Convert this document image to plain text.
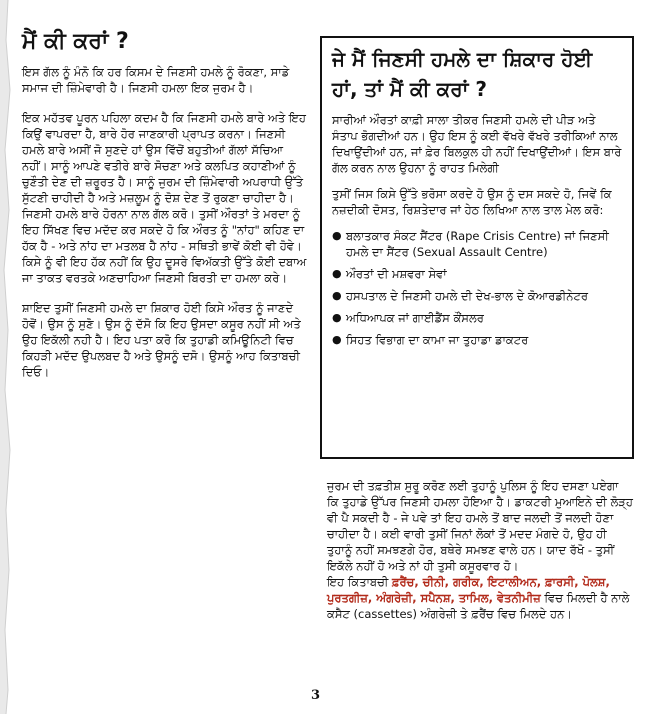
ਮੈਂ ਕੀ ਕਰਾਂ ?

ਇਸ ਗੱਲ ਨੂੰ ਮੰਨੋ ਕਿ ਹਰ ਕਿਸਮ ਦੇ ਜਿਣਸੀ ਹਮਲੇ ਨੂੰ ਰੋਕਣਾ, ਸਾਡੇ ਸਮਾਜ ਦੀ ਜ਼ਿੰਮੇਵਾਰੀ ਹੈ। ਜਿਣਸੀ ਹਮਲਾ ਇਕ ਜੁਰਮ ਹੈ।

ਇਕ ਮਹੱਤਵ ਪੂਰਨ ਪਹਿਲਾ ਕਦਮ ਹੈ ਕਿ ਜਿਣਸੀ ਹਮਲੇ ਬਾਰੇ ਅਤੇ ਇਹ ਕਿਉਂ ਵਾਪਰਦਾ ਹੈ, ਬਾਰੇ ਹੋਰ ਜਾਣਕਾਰੀ ਪ੍ਰਾਪਤ ਕਰਨਾ। ਜਿਣਸੀ ਹਮਲੇ ਬਾਰੇ ਅਸੀਂ ਜੋ ਸੁਣਦੇ ਹਾਂ ਉਸ ਵਿੱਚੋਂ ਬਹੁਤੀਆਂ ਗੱਲਾਂ ਸੱਚਿਆ ਨਹੀਂ। ਸਾਨੂੰ ਆਪਣੇ ਵਤੀਰੇ ਬਾਰੇ ਸੋਚਣਾ ਅਤੇ ਕਲਪਿਤ ਕਹਾਣੀਆਂ ਨੂੰ ਚੁਣੌਤੀ ਦੇਣ ਦੀ ਜ਼ਰੂਰਤ ਹੈ। ਸਾਨੂੰ ਜੁਰਮ ਦੀ ਜ਼ਿੰਮੇਵਾਰੀ ਅਪਰਾਧੀ ਉੱਤੇ ਸੁੱਟਣੀ ਚਾਹੀਦੀ ਹੈ ਅਤੇ ਮਜ਼ਲੂਮ ਨੂੰ ਦੋਸ਼ ਦੇਣ ਤੋਂ ਰੁਕਣਾ ਚਾਹੀਦਾ ਹੈ। ਜਿਣਸੀ ਹਮਲੇ ਬਾਰੇ ਹੋਰਨਾ ਨਾਲ ਗੱਲ ਕਰੋ। ਤੁਸੀਂ ਔਰਤਾਂ ਤੇ ਮਰਦਾ ਨੂੰ ਇਹ ਸਿੱਖਣ ਵਿਚ ਮਦੱਦ ਕਰ ਸਕਦੇ ਹੋ ਕਿ ਔਰਤ ਨੂੰ "ਨਾਂਹ" ਕਹਿਣ ਦਾ ਹੱਕ ਹੈ - ਅਤੇ ਨਾਂਹ ਦਾ ਮਤਲਬ ਹੈ ਨਾਂਹ - ਸਥਿਤੀ ਭਾਵੇਂ ਕੋਈ ਵੀ ਹੋਵੇ। ਕਿਸੇ ਨੂੰ ਵੀ ਇਹ ਹੱਕ ਨਹੀਂ ਕਿ ਉਹ ਦੂਸਰੇ ਵਿਅੱਕਤੀ ਉੱਤੇ ਕੋਈ ਦਬਾਅ ਜਾ ਤਾਕਤ ਵਰਤਕੇ ਅਣਚਾਹਿਆ ਜਿਣਸੀ ਬਿਰਤੀ ਦਾ ਹਮਲਾ ਕਰੇ।

ਸ਼ਾਇਦ ਤੁਸੀਂ ਜਿਣਸੀ ਹਮਲੇ ਦਾ ਸ਼ਿਕਾਰ ਹੋਈ ਕਿਸੇ ਔਰਤ ਨੂੰ ਜਾਣਦੇ ਹੋਵੋਂ। ਉਸ ਨੂੰ ਸੁਣੋ। ਉਸ ਨੂੰ ਦੱਸੋ ਕਿ ਇਹ ਉਸਦਾ ਕਸੂਰ ਨਹੀਂ ਸੀ ਅਤੇ ਉਹ ਇਕੱਲੀ ਨਹੀ ਹੈ। ਇਹ ਪਤਾ ਕਰੋ ਕਿ ਤੁਹਾਡੀ ਕਮਿਊਨਿਟੀ ਵਿਚ ਕਿਹੜੀ ਮਦੱਦ ਉਪਲਬਦ ਹੈ ਅਤੇ ਉਸਨੂੰ ਦਸੋ। ਉਸਨੂੰ ਆਹ ਕਿਤਾਬਚੀ ਦਿਓ।

ਜੇ ਮੈਂ ਜਿਣਸੀ ਹਮਲੇ ਦਾ ਸ਼ਿਕਾਰ ਹੋਈ ਹਾਂ, ਤਾਂ ਮੈਂ ਕੀ ਕਰਾਂ ?

ਸਾਰੀਆਂ ਔਰਤਾਂ ਕਾਫ਼ੀ ਸਾਲਾ ਤੀਕਰ ਜਿਣਸੀ ਹਮਲੇ ਦੀ ਪੀੜ ਅਤੇ ਸੰਤਾਪ ਭੋਗਦੀਆਂ ਹਨ। ਉਹ ਇਸ ਨੂੰ ਕਈ ਵੱਖਰੇ ਵੱਖਰੇ ਤਰੀਕਿਆਂ ਨਾਲ ਦਿਖਾਉਂਦੀਆਂ ਹਨ, ਜਾਂ ਫ਼ੇਰ ਬਿਲਕੁਲ ਹੀ ਨਹੀਂ ਦਿਖਾਉਂਦੀਆਂ। ਇਸ ਬਾਰੇ ਗੱਲ ਕਰਨ ਨਾਲ ਉਹਨਾ ਨੂੰ ਰਾਹਤ ਮਿਲੇਗੀ

ਤੁਸੀਂ ਜਿਸ ਕਿਸੇ ਉੱਤੇ ਭਰੋਸਾ ਕਰਦੇ ਹੋ ਉਸ ਨੂੰ ਦਸ ਸਕਦੇ ਹੋ, ਜਿਵੇਂ ਕਿ ਨਜ਼ਦੀਕੀ ਦੋਸਤ, ਰਿਸ਼ਤੇਦਾਰ ਜਾਂ ਹੇਠ ਲਿਖਿਆ ਨਾਲ ਤਾਲ ਮੇਲ ਕਰੋ:

● ਬਲਾਤਕਾਰ ਸੰਕਟ ਸੈਂਟਰ (Rape Crisis Centre) ਜਾਂ ਜਿਣਸੀ ਹਮਲੇ ਦਾ ਸੈਂਟਰ (Sexual Assault Centre)
● ਔਰਤਾਂ ਦੀ ਮਸ਼ਵਰਾ ਸੇਵਾਂ
● ਹਸਪਤਾਲ ਦੇ ਜਿਣਸੀ ਹਮਲੇ ਦੀ ਦੇਖ-ਭਾਲ ਦੇ ਕੋਆਰਡੀਨੇਟਰ
● ਅਧਿਆਪਕ ਜਾਂ ਗਾਈਡੈਂਸ ਕੌਂਸਲਰ
● ਸਿਹਤ ਵਿਭਾਗ ਦਾ ਕਾਮਾ ਜਾ ਤੁਹਾਡਾ ਡਾਕਟਰ

ਜੁਰਮ ਦੀ ਤਫ਼ਤੀਸ਼ ਸੁਰੂ ਕਰੋਣ ਲਈ ਤੁਹਾਨੂੰ ਪੁਲਿਸ ਨੂੰ ਇਹ ਦਸਣਾ ਪਏਗਾ ਕਿ ਤੁਹਾਡੇ ਉੱਪਰ ਜਿਣਸੀ ਹਮਲਾ ਹੋਇਆ ਹੈ। ਡਾਕਟਰੀ ਮੁਆਇਨੇ ਦੀ ਲੋੜ੍ਹ ਵੀ ਪੈ ਸਕਦੀ ਹੈ - ਜੇ ਪਵੇ ਤਾਂ ਇਹ ਹਮਲੇ ਤੋਂ ਬਾਦ ਜਲਦੀ ਤੋਂ ਜਲਦੀ ਹੋਣਾ ਚਾਹੀਦਾ ਹੈ। ਕਈ ਵਾਰੀ ਤੁਸੀਂ ਜਿਨਾਂ ਲੋਕਾਂ ਤੋਂ ਮਦਦ ਮੰਗਦੇ ਹੋ, ਉਹ ਹੀ ਤੁਹਾਨੂੰ ਨਹੀਂ ਸਮਝਣਗੇ ਹੋਰ, ਬਥੇਰੇ ਸਮਝਣ ਵਾਲੇ ਹਨ। ਯਾਦ ਰੱਖੋ - ਤੁਸੀਂ ਇਕੱਲੇ ਨਹੀਂ ਹੋ ਅਤੇ ਨਾਂ ਹੀ ਤੁਸੀ ਕਸੂਰਵਾਰ ਹੋ।

ਇਹ ਕਿਤਾਬਚੀ ਫ਼ਰੈਂਚ, ਚੀਨੀ, ਗਰੀਕ, ਇਟਾਲੀਅਨ, ਫ਼ਾਰਸੀ, ਪੋਲਸ਼, ਪੁਰਤਗੀਜ਼, ਅੰਗਰੇਜ਼ੀ, ਸਪੈਨਸ਼, ਤਾਮਿਲ, ਵੇਤਨੀਮੀਜ਼ ਵਿਚ ਮਿਲਦੀ ਹੈ ਨਾਲੇ ਕਸੈਟ (cassettes) ਅੰਗਰੇਜ਼ੀ ਤੇ ਫ਼ਰੈਂਚ ਵਿਚ ਮਿਲਦੇ ਹਨ।

3
